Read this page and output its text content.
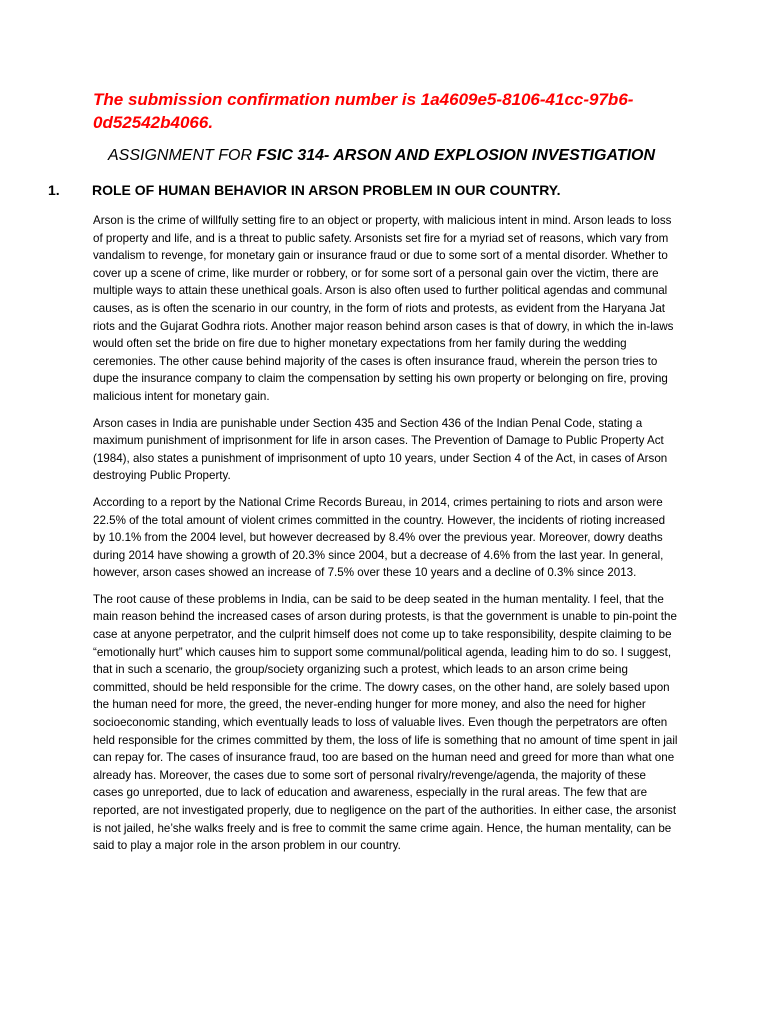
The submission confirmation number is 1a4609e5-8106-41cc-97b6-0d52542b4066.
ASSIGNMENT FOR FSIC 314- ARSON AND EXPLOSION INVESTIGATION
1. ROLE OF HUMAN BEHAVIOR IN ARSON PROBLEM IN OUR COUNTRY.

Arson is the crime of willfully setting fire to an object or property, with malicious intent in mind. Arson leads to loss of property and life, and is a threat to public safety. Arsonists set fire for a myriad set of reasons, which vary from vandalism to revenge, for monetary gain or insurance fraud or due to some sort of a mental disorder. Whether to cover up a scene of crime, like murder or robbery, or for some sort of a personal gain over the victim, there are multiple ways to attain these unethical goals. Arson is also often used to further political agendas and communal causes, as is often the scenario in our country, in the form of riots and protests, as evident from the Haryana Jat riots and the Gujarat Godhra riots. Another major reason behind arson cases is that of dowry, in which the in-laws would often set the bride on fire due to higher monetary expectations from her family during the wedding ceremonies. The other cause behind majority of the cases is often insurance fraud, wherein the person tries to dupe the insurance company to claim the compensation by setting his own property or belonging on fire, proving malicious intent for monetary gain.

Arson cases in India are punishable under Section 435 and Section 436 of the Indian Penal Code, stating a maximum punishment of imprisonment for life in arson cases. The Prevention of Damage to Public Property Act (1984), also states a punishment of imprisonment of upto 10 years, under Section 4 of the Act, in cases of Arson destroying Public Property.

According to a report by the National Crime Records Bureau, in 2014, crimes pertaining to riots and arson were 22.5% of the total amount of violent crimes committed in the country. However, the incidents of rioting increased by 10.1% from the 2004 level, but however decreased by 8.4% over the previous year. Moreover, dowry deaths during 2014 have showing a growth of 20.3% since 2004, but a decrease of 4.6% from the last year. In general, however, arson cases showed an increase of 7.5% over these 10 years and a decline of 0.3% since 2013.

The root cause of these problems in India, can be said to be deep seated in the human mentality. I feel, that the main reason behind the increased cases of arson during protests, is that the government is unable to pin-point the case at anyone perpetrator, and the culprit himself does not come up to take responsibility, despite claiming to be “emotionally hurt” which causes him to support some communal/political agenda, leading him to do so. I suggest, that in such a scenario, the group/society organizing such a protest, which leads to an arson crime being committed, should be held responsible for the crime. The dowry cases, on the other hand, are solely based upon the human need for more, the greed, the never-ending hunger for more money, and also the need for higher socioeconomic standing, which eventually leads to loss of valuable lives. Even though the perpetrators are often held responsible for the crimes committed by them, the loss of life is something that no amount of time spent in jail can repay for. The cases of insurance fraud, too are based on the human need and greed for more than what one already has. Moreover, the cases due to some sort of personal rivalry/revenge/agenda, the majority of these cases go unreported, due to lack of education and awareness, especially in the rural areas. The few that are reported, are not investigated properly, due to negligence on the part of the authorities. In either case, the arsonist is not jailed, he’she walks freely and is free to commit the same crime again. Hence, the human mentality, can be said to play a major role in the arson problem in our country.
